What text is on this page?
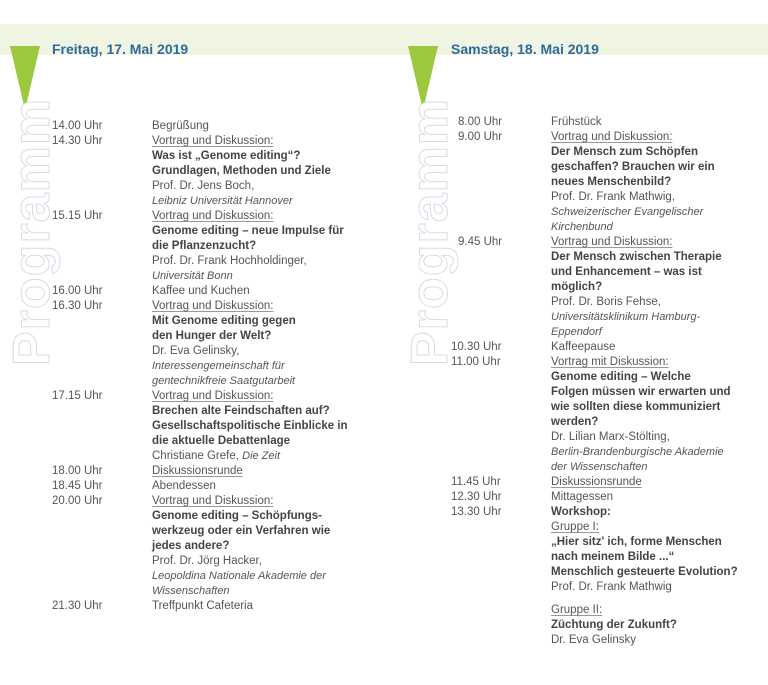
Freitag, 17. Mai 2019
Programm
14.00 Uhr	Begrüßung
14.30 Uhr	Vortrag und Diskussion:
Was ist „Genome editing“?
Grundlagen, Methoden und Ziele
Prof. Dr. Jens Boch,
Leibniz Universität Hannover
15.15 Uhr	Vortrag und Diskussion:
Genome editing – neue Impulse für
die Pflanzenzucht?
Prof. Dr. Frank Hochholdinger,
Universität Bonn
16.00 Uhr	Kaffee und Kuchen
16.30 Uhr	Vortrag und Diskussion:
Mit Genome editing gegen
den Hunger der Welt?
Dr. Eva Gelinsky,
Interessengemeinschaft für
gentechnikfreie Saatgutarbeit
17.15 Uhr	Vortrag und Diskussion:
Brechen alte Feindschaften auf?
Gesellschaftspolitische Einblicke in
die aktuelle Debattenlage
Christiane Grefe, Die Zeit
18.00 Uhr	Diskussionsrunde
18.45 Uhr	Abendessen
20.00 Uhr	Vortrag und Diskussion:
Genome editing – Schöpfungs-
werkzeug oder ein Verfahren wie
jedes andere?
Prof. Dr. Jörg Hacker,
Leopoldina Nationale Akademie der
Wissenschaften
21.30 Uhr	Treffpunkt Cafeteria
Samstag, 18. Mai 2019
Programm 8.00 Uhr	Frühstück
9.00 Uhr	Vortrag und Diskussion:
Der Mensch zum Schöpfen
geschaffen? Brauchen wir ein
neues Menschenbild?
Prof. Dr. Frank Mathwig,
Schweizerischer Evangelischer
Kirchenbund
9.45 Uhr	Vortrag und Diskussion:
Der Mensch zwischen Therapie
und Enhancement – was ist
möglich?
Prof. Dr. Boris Fehse,
Universitätsklinikum Hamburg-
Eppendorf
10.30 Uhr	Kaffeepause
11.00 Uhr	Vortrag mit Diskussion:
Genome editing – Welche
Folgen müssen wir erwarten und
wie sollten diese kommuniziert
werden?
Dr. Lilian Marx-Stölting,
Berlin-Brandenburgische Akademie
der Wissenschaften
11.45 Uhr	Diskussionsrunde
12.30 Uhr	Mittagessen
13.30 Uhr	Workshop:
Gruppe I:
„Hier sitz' ich, forme Menschen
nach meinem Bilde ...“
Menschlich gesteuerte Evolution?
Prof. Dr. Frank Mathwig
Gruppe II:
Züchtung der Zukunft?
Dr. Eva Gelinsky
